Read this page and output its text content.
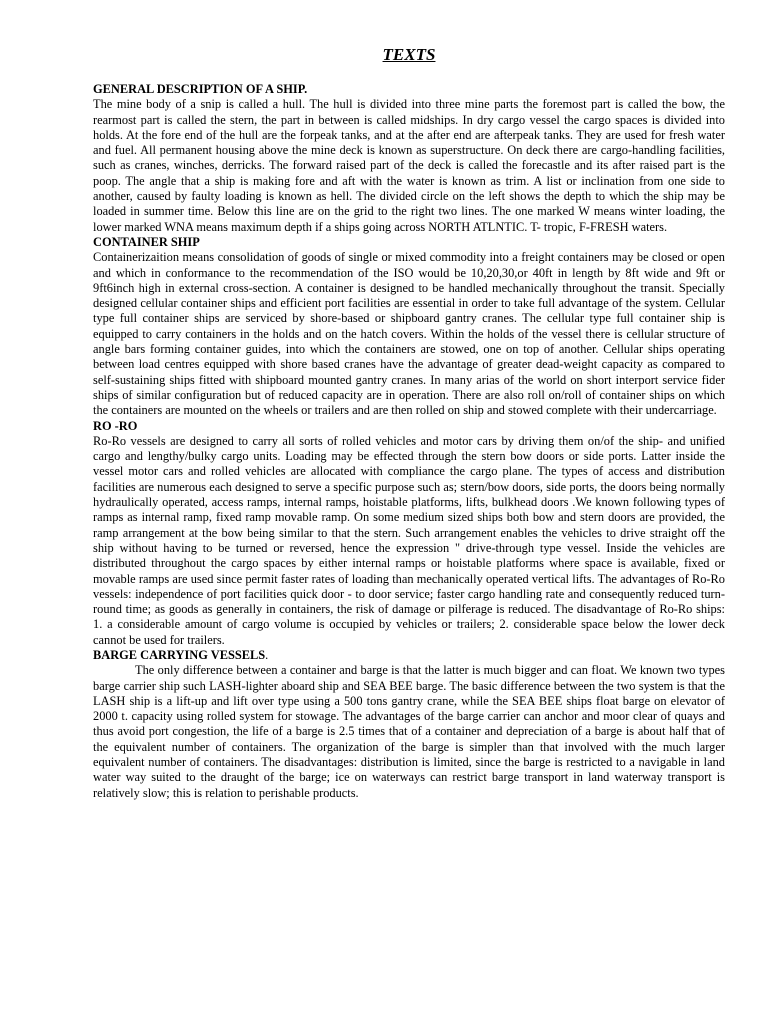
TEXTS

GENERAL DESCRIPTION OF A SHIP.

The mine body of a snip is called a hull. The hull is divided into three mine parts the foremost part is called the bow, the rearmost part is called the stern, the part in between is called midships. In dry cargo vessel the cargo spaces is divided into holds. At the fore end of the hull are the forpeak tanks, and at the after end are afterpeak tanks. They are used for fresh water and fuel. All permanent housing above the mine deck is known as superstructure. On deck there are cargo-handling facilities, such as cranes, winches, derricks. The forward raised part of the deck is called the forecastle and its after raised part is the poop. The angle that a ship is making fore and aft with the water is known as trim. A list or inclination from one side to another, caused by faulty loading is known as hell. The divided circle on the left shows the depth to which the ship may be loaded in summer time. Below this line are on the grid to the right two lines. The one marked W means winter loading, the lower marked WNA means maximum depth if a ships going across NORTH ATLNTIC. T- tropic, F-FRESH waters.

CONTAINER SHIP

Containerizaition means consolidation of goods of single or mixed commodity into a freight containers may be closed or open and which in conformance to the recommendation of the ISO would be 10,20,30,or 40ft in length by 8ft wide and 9ft or 9ft6inch high in external cross-section. A container is designed to be handled mechanically throughout the transit. Specially designed cellular container ships and efficient port facilities are essential in order to take full advantage of the system. Cellular type full container ships are serviced by shore-based or shipboard gantry cranes. The cellular type full container ship is equipped to carry containers in the holds and on the hatch covers. Within the holds of the vessel there is cellular structure of angle bars forming container guides, into which the containers are stowed, one on top of another. Cellular ships operating between load centres equipped with shore based cranes have the advantage of greater dead-weight capacity as compared to self-sustaining ships fitted with shipboard mounted gantry cranes. In many arias of the world on short interport service fider ships of similar configuration but of reduced capacity are in operation. There are also roll on/roll of container ships on which the containers are mounted on the wheels or trailers and are then rolled on ship and stowed complete with their undercarriage.

RO -RO

Ro-Ro vessels are designed to carry all sorts of rolled vehicles and motor cars by driving them on/of the ship- and unified cargo and lengthy/bulky cargo units. Loading may be effected through the stern bow doors or side ports. Latter inside the vessel motor cars and rolled vehicles are allocated with compliance the cargo plane. The types of access and distribution facilities are numerous each designed to serve a specific purpose such as; stern/bow doors, side ports, the doors being normally hydraulically operated, access ramps, internal ramps, hoistable platforms, lifts, bulkhead doors .We known following types of ramps as internal ramp, fixed ramp movable ramp. On some medium sized ships both bow and stern doors are provided, the ramp arrangement at the bow being similar to that the stern. Such arrangement enables the vehicles to drive straight off the ship without having to be turned or reversed, hence the expression " drive-through type vessel. Inside the vehicles are distributed throughout the cargo spaces by either internal ramps or hoistable platforms where space is available, fixed or movable ramps are used since permit faster rates of loading than mechanically operated vertical lifts. The advantages of Ro-Ro vessels: independence of port facilities quick door - to door service; faster cargo handling rate and consequently reduced turn-round time; as goods as generally in containers, the risk of damage or pilferage is reduced. The disadvantage of Ro-Ro ships: 1. a considerable amount of cargo volume is occupied by vehicles or trailers; 2. considerable space below the lower deck cannot be used for trailers.

BARGE CARRYING VESSELS.

The only difference between a container and barge is that the latter is much bigger and can float. We known two types barge carrier ship such LASH-lighter aboard ship and SEA BEE barge. The basic difference between the two system is that the LASH ship is a lift-up and lift over type using a 500 tons gantry crane, while the SEA BEE ships float barge on elevator of 2000 t. capacity using rolled system for stowage. The advantages of the barge carrier can anchor and moor clear of quays and thus avoid port congestion, the life of a barge is 2.5 times that of a container and depreciation of a barge is about half that of the equivalent number of containers. The organization of the barge is simpler than that involved with the much larger equivalent number of containers. The disadvantages: distribution is limited, since the barge is restricted to a navigable in land water way suited to the draught of the barge; ice on waterways can restrict barge transport in land waterway transport is relatively slow; this is relation to perishable products.
